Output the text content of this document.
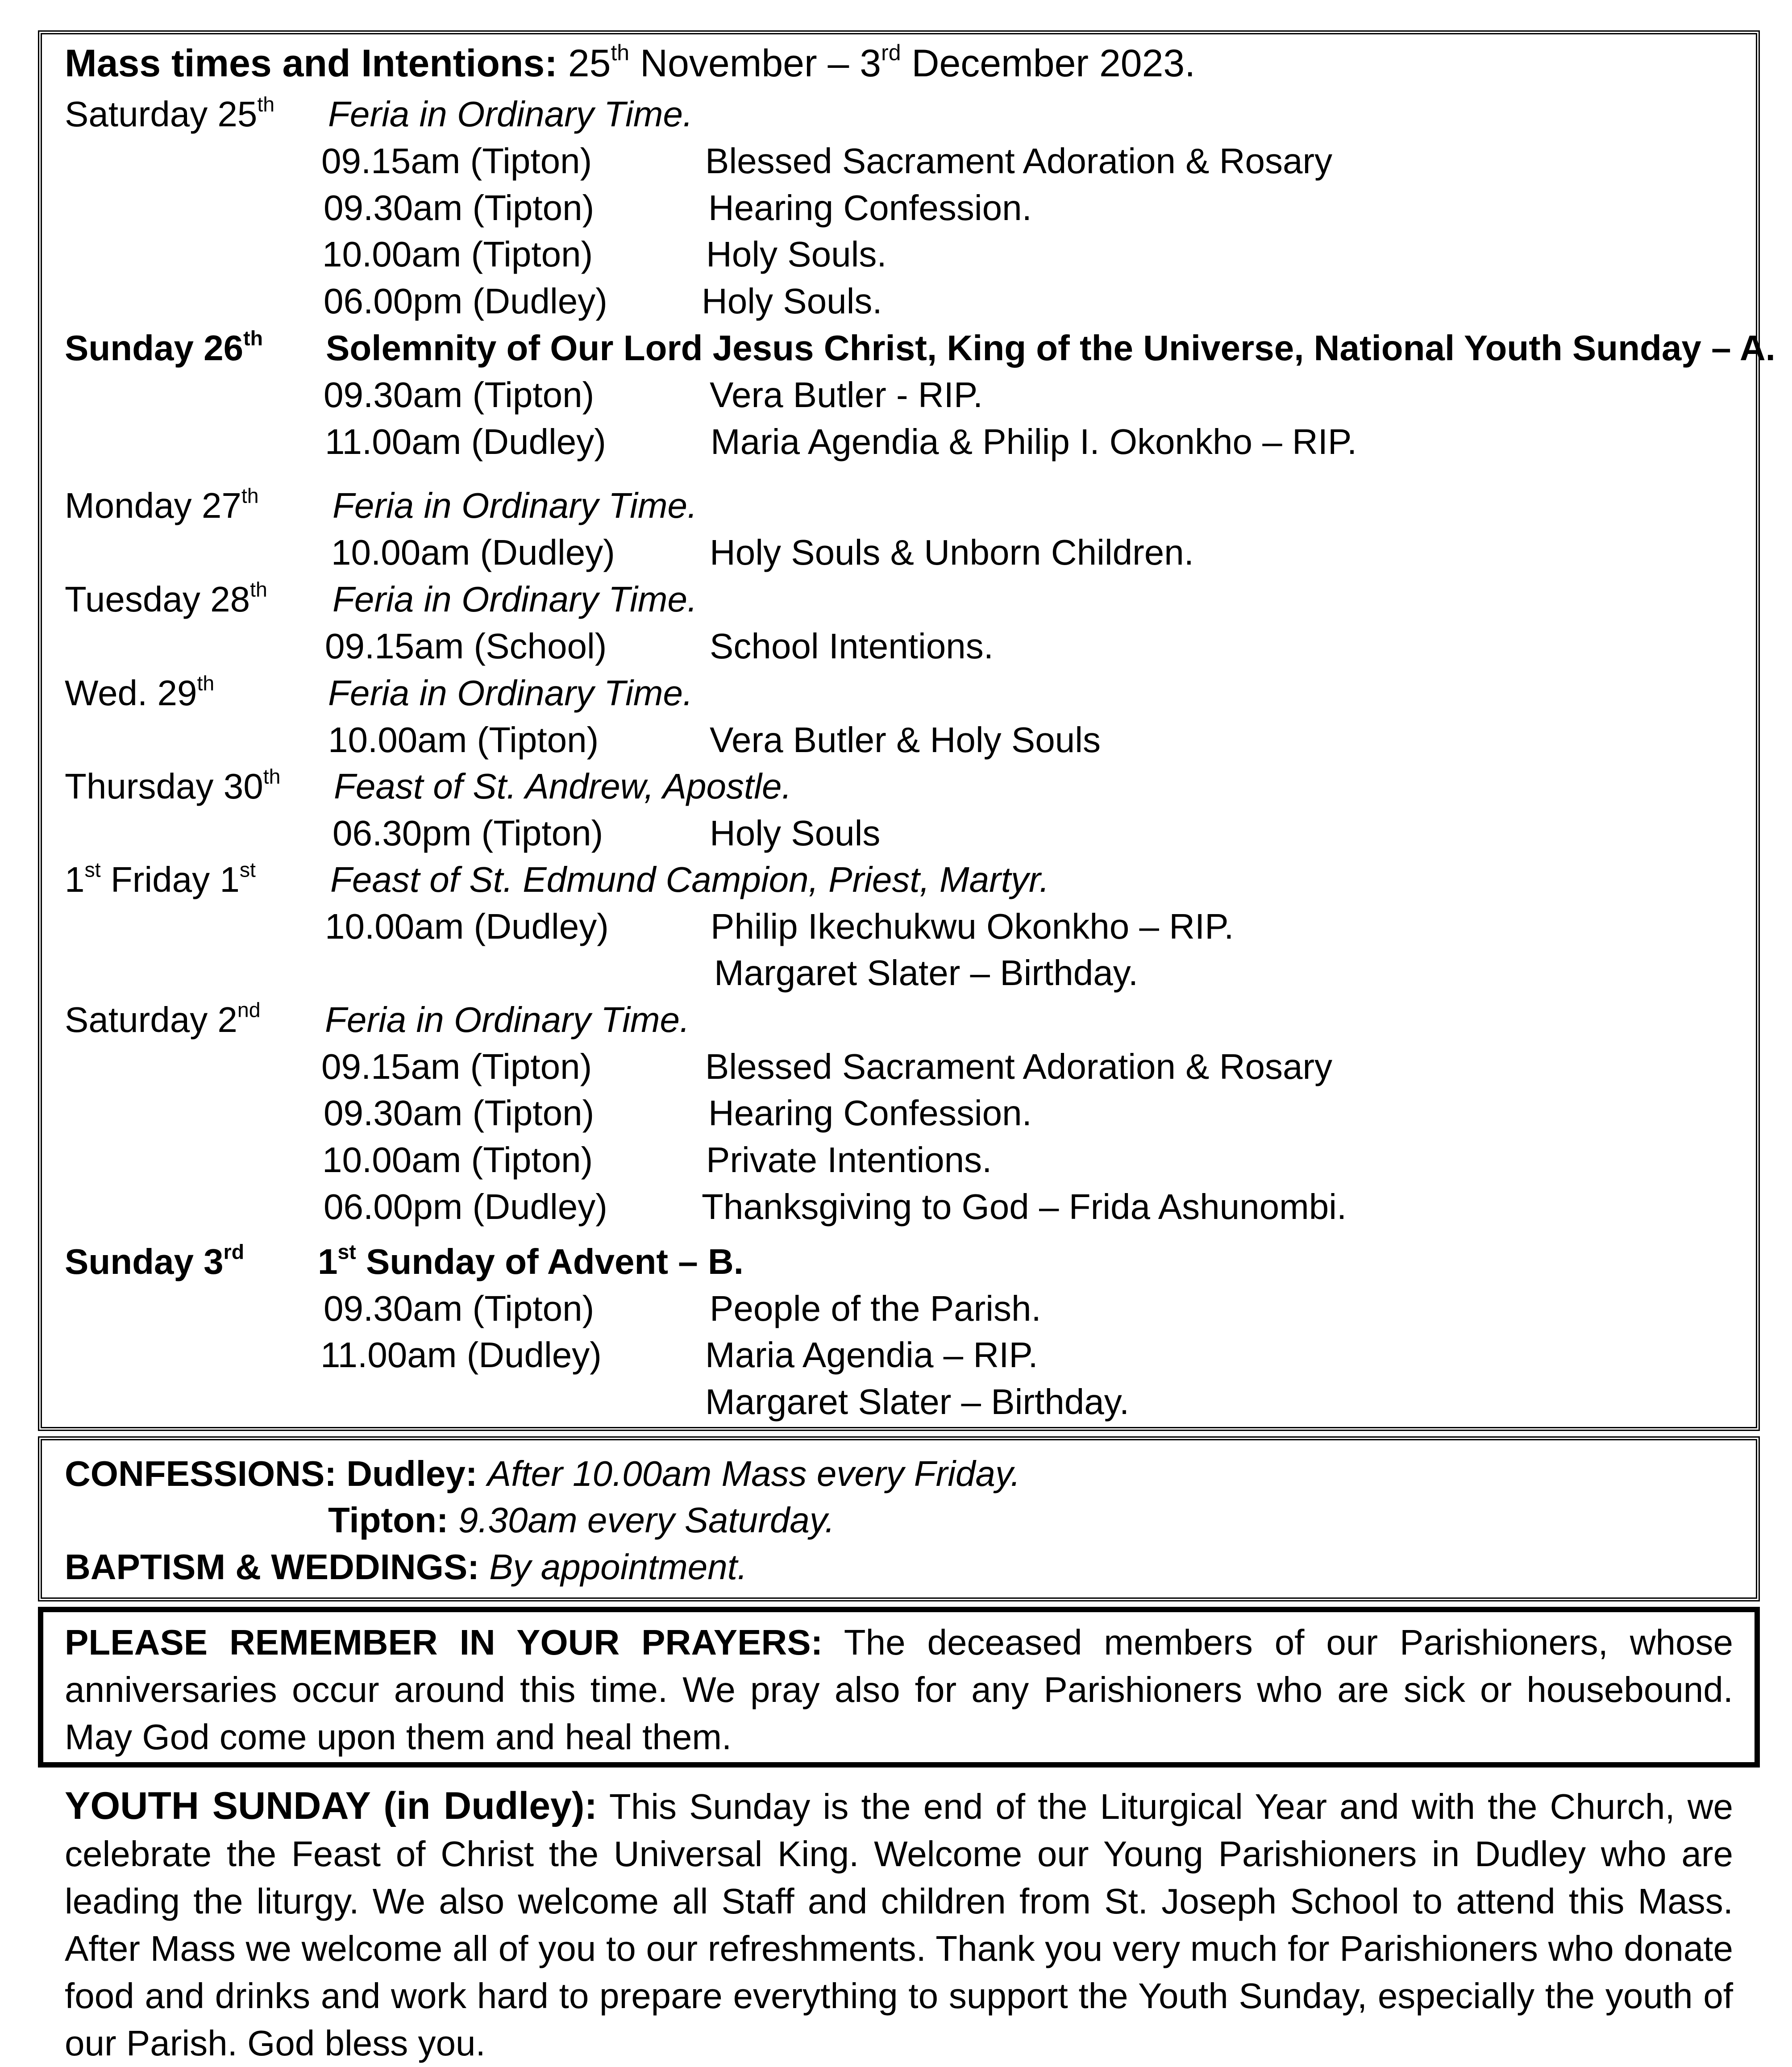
Mass times and Intentions: 25th November – 3rd December 2023.
Saturday 25th Feria in Ordinary Time.
09.15am (Tipton)	Blessed Sacrament Adoration & Rosary
09.30am (Tipton)	Hearing Confession.
10.00am (Tipton)	Holy Souls.
06.00pm (Dudley)	Holy Souls.
Sunday 26th Solemnity of Our Lord Jesus Christ, King of the Universe, National Youth Sunday – A.
09.30am (Tipton)	Vera Butler - RIP.
11.00am (Dudley)	Maria Agendia & Philip I. Okonkho – RIP.
Monday 27th Feria in Ordinary Time.
10.00am (Dudley)	Holy Souls & Unborn Children.
Tuesday 28th Feria in Ordinary Time.
09.15am (School)	School Intentions.
Wed. 29th	Feria in Ordinary Time.
10.00am (Tipton)	Vera Butler & Holy Souls
Thursday 30th Feast of St. Andrew, Apostle.
06.30pm (Tipton)	Holy Souls
1st Friday 1st Feast of St. Edmund Campion, Priest, Martyr.
10.00am (Dudley)	Philip Ikechukwu Okonkho – RIP.
Margaret Slater – Birthday.
Saturday 2nd Feria in Ordinary Time.
09.15am (Tipton)	Blessed Sacrament Adoration & Rosary
09.30am (Tipton)	Hearing Confession.
10.00am (Tipton)	Private Intentions.
06.00pm (Dudley)	Thanksgiving to God – Frida Ashunombi.
Sunday 3rd 1st Sunday of Advent – B.
09.30am (Tipton)	People of the Parish.
11.00am (Dudley)	Maria Agendia – RIP.
Margaret Slater – Birthday.
CONFESSIONS: Dudley: After 10.00am Mass every Friday.
Tipton: 9.30am every Saturday.
BAPTISM & WEDDINGS: By appointment.
PLEASE REMEMBER IN YOUR PRAYERS: The deceased members of our Parishioners, whose anniversaries occur around this time. We pray also for any Parishioners who are sick or housebound. May God come upon them and heal them.
YOUTH SUNDAY (in Dudley): This Sunday is the end of the Liturgical Year and with the Church, we celebrate the Feast of Christ the Universal King. Welcome our Young Parishioners in Dudley who are leading the liturgy. We also welcome all Staff and children from St. Joseph School to attend this Mass. After Mass we welcome all of you to our refreshments. Thank you very much for Parishioners who donate food and drinks and work hard to prepare everything to support the Youth Sunday, especially the youth of our Parish. God bless you.
